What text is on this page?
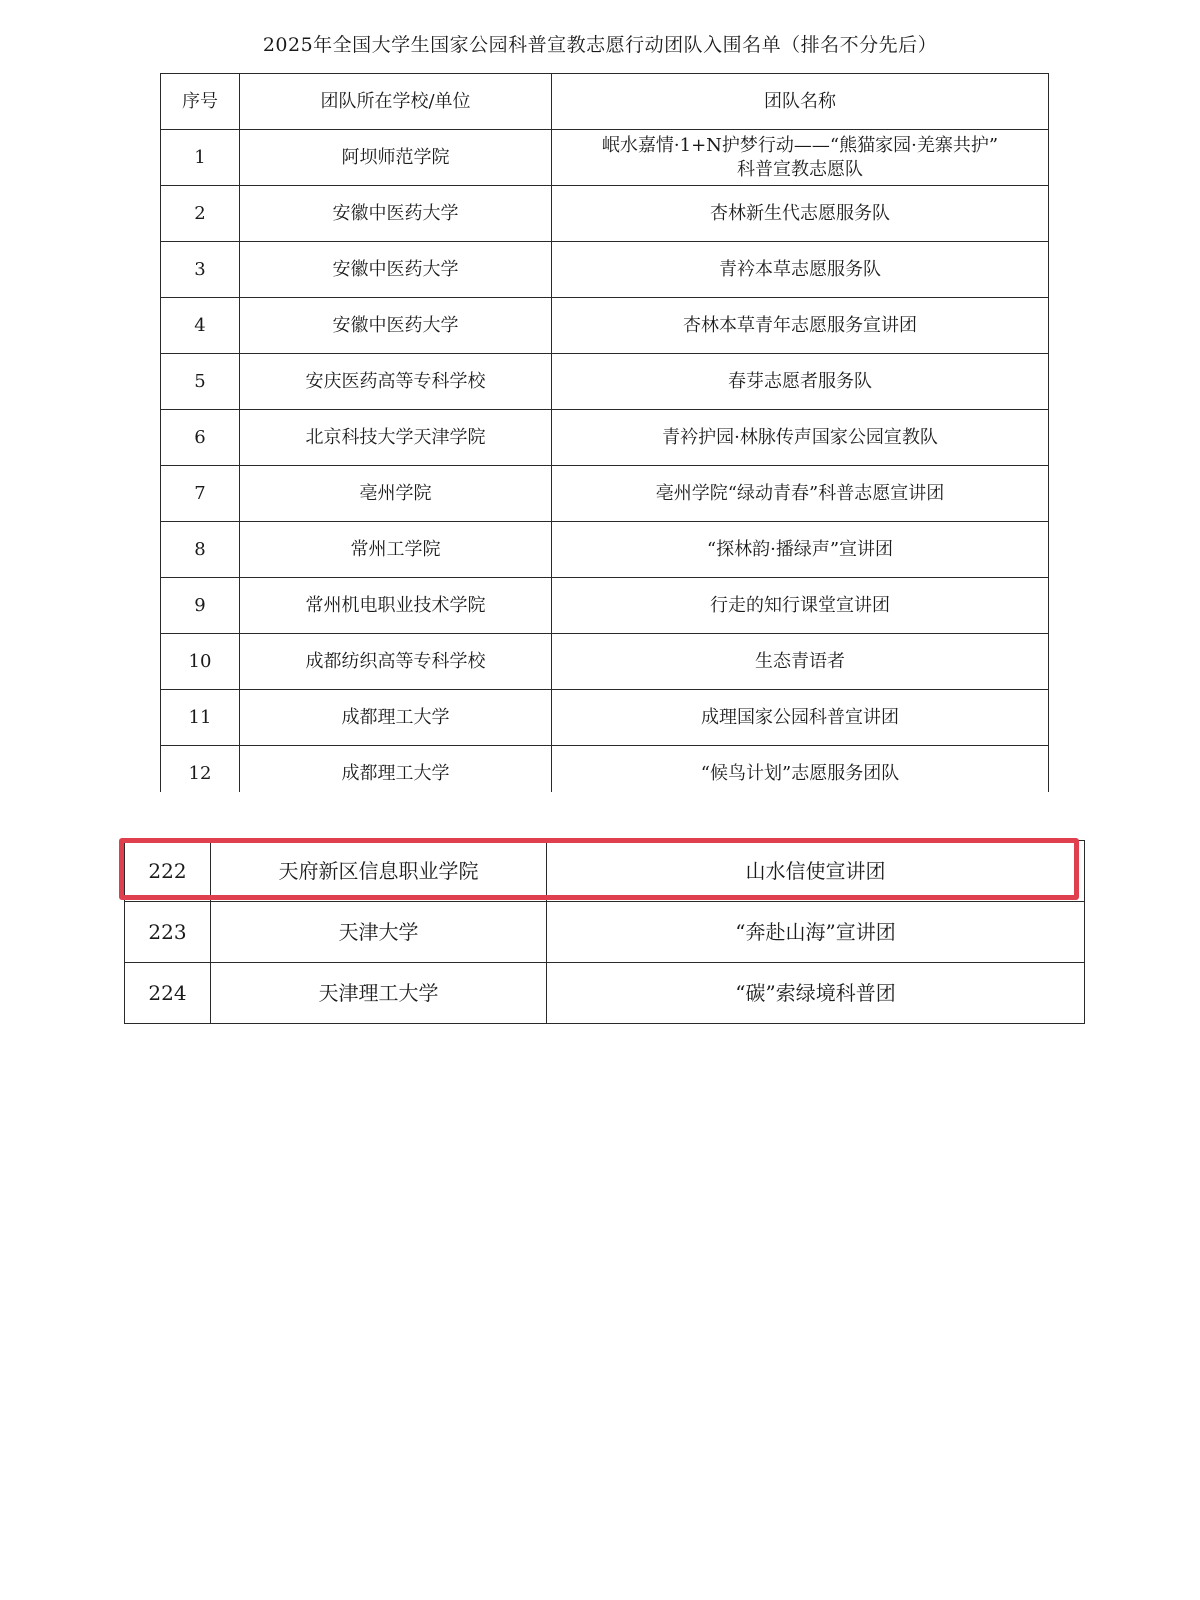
2025年全国大学生国家公园科普宣教志愿行动团队入围名单（排名不分先后）
序号	团队所在学校/单位	团队名称
1	阿坝师范学院	岷水嘉情·1+N护梦行动——“熊猫家园·羌寨共护”
科普宣教志愿队

2	安徽中医药大学	杏林新生代志愿服务队
3	安徽中医药大学	青衿本草志愿服务队
4	安徽中医药大学	杏林本草青年志愿服务宣讲团
5	安庆医药高等专科学校	春芽志愿者服务队
6	北京科技大学天津学院	青衿护园·林脉传声国家公园宣教队
7	亳州学院	亳州学院“绿动青春”科普志愿宣讲团
8	常州工学院	“探林韵·播绿声”宣讲团
9	常州机电职业技术学院	行走的知行课堂宣讲团
10	成都纺织高等专科学校	生态青语者
11	成都理工大学	成理国家公园科普宣讲团
12	成都理工大学	“候鸟计划”志愿服务团队
222	天府新区信息职业学院	山水信使宣讲团
223	天津大学	“奔赴山海”宣讲团
224	天津理工大学	“碳”索绿境科普团
